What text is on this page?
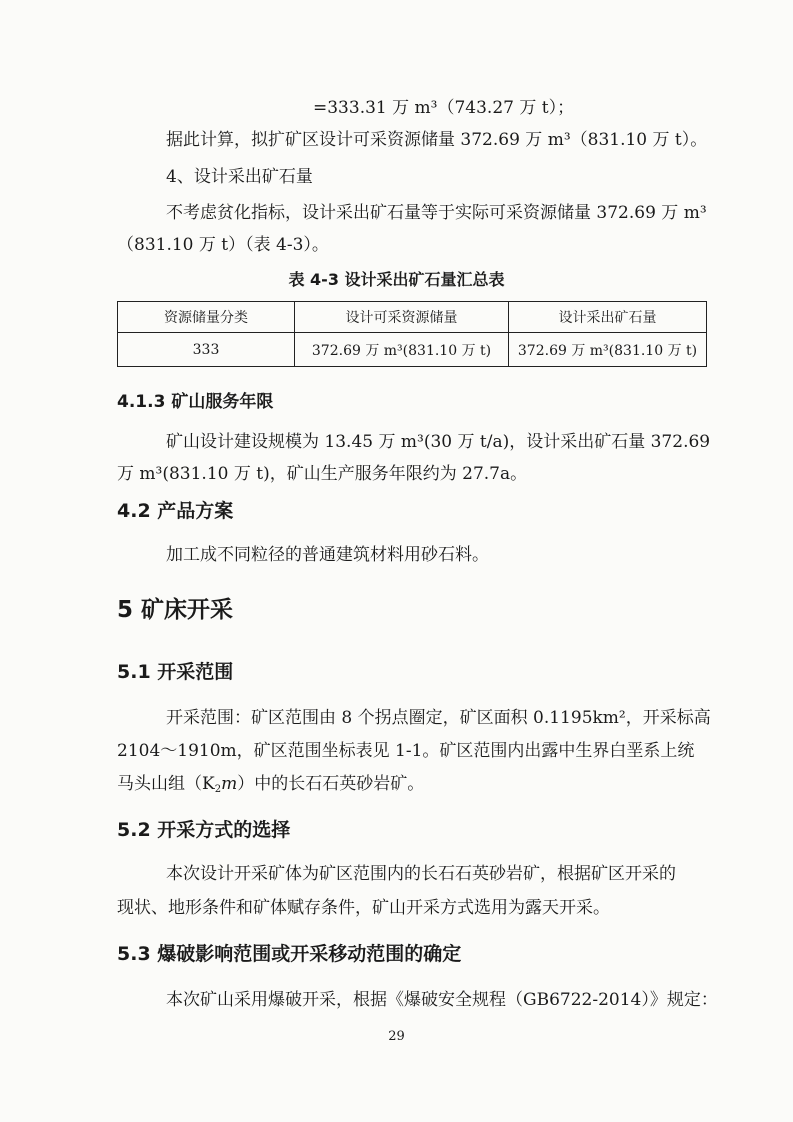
=333.31 万 m³（743.27 万 t）；
据此计算，拟扩矿区设计可采资源储量 372.69 万 m³（831.10 万 t）。
4、设计采出矿石量
不考虑贫化指标，设计采出矿石量等于实际可采资源储量 372.69 万 m³
（831.10 万 t）（表 4-3）。
表 4-3 设计采出矿石量汇总表
资源储量分类	设计可采资源储量	设计采出矿石量
333	372.69 万 m³(831.10 万 t)	372.69 万 m³(831.10 万 t)
4.1.3 矿山服务年限
矿山设计建设规模为 13.45 万 m³(30 万 t/a)，设计采出矿石量 372.69
万 m³(831.10 万 t)，矿山生产服务年限约为 27.7a。
4.2 产品方案
加工成不同粒径的普通建筑材料用砂石料。
5 矿床开采
5.1 开采范围
开采范围：矿区范围由 8 个拐点圈定，矿区面积 0.1195km²，开采标高
2104～1910m，矿区范围坐标表见 1-1。矿区范围内出露中生界白垩系上统
马头山组$(K_2m)$中的长石石英砂岩矿。
5.2 开采方式的选择
本次设计开采矿体为矿区范围内的长石石英砂岩矿，根据矿区开采的
现状、地形条件和矿体赋存条件，矿山开采方式选用为露天开采。
5.3 爆破影响范围或开采移动范围的确定
本次矿山采用爆破开采，根据《爆破安全规程（GB6722-2014）》规定：
29
